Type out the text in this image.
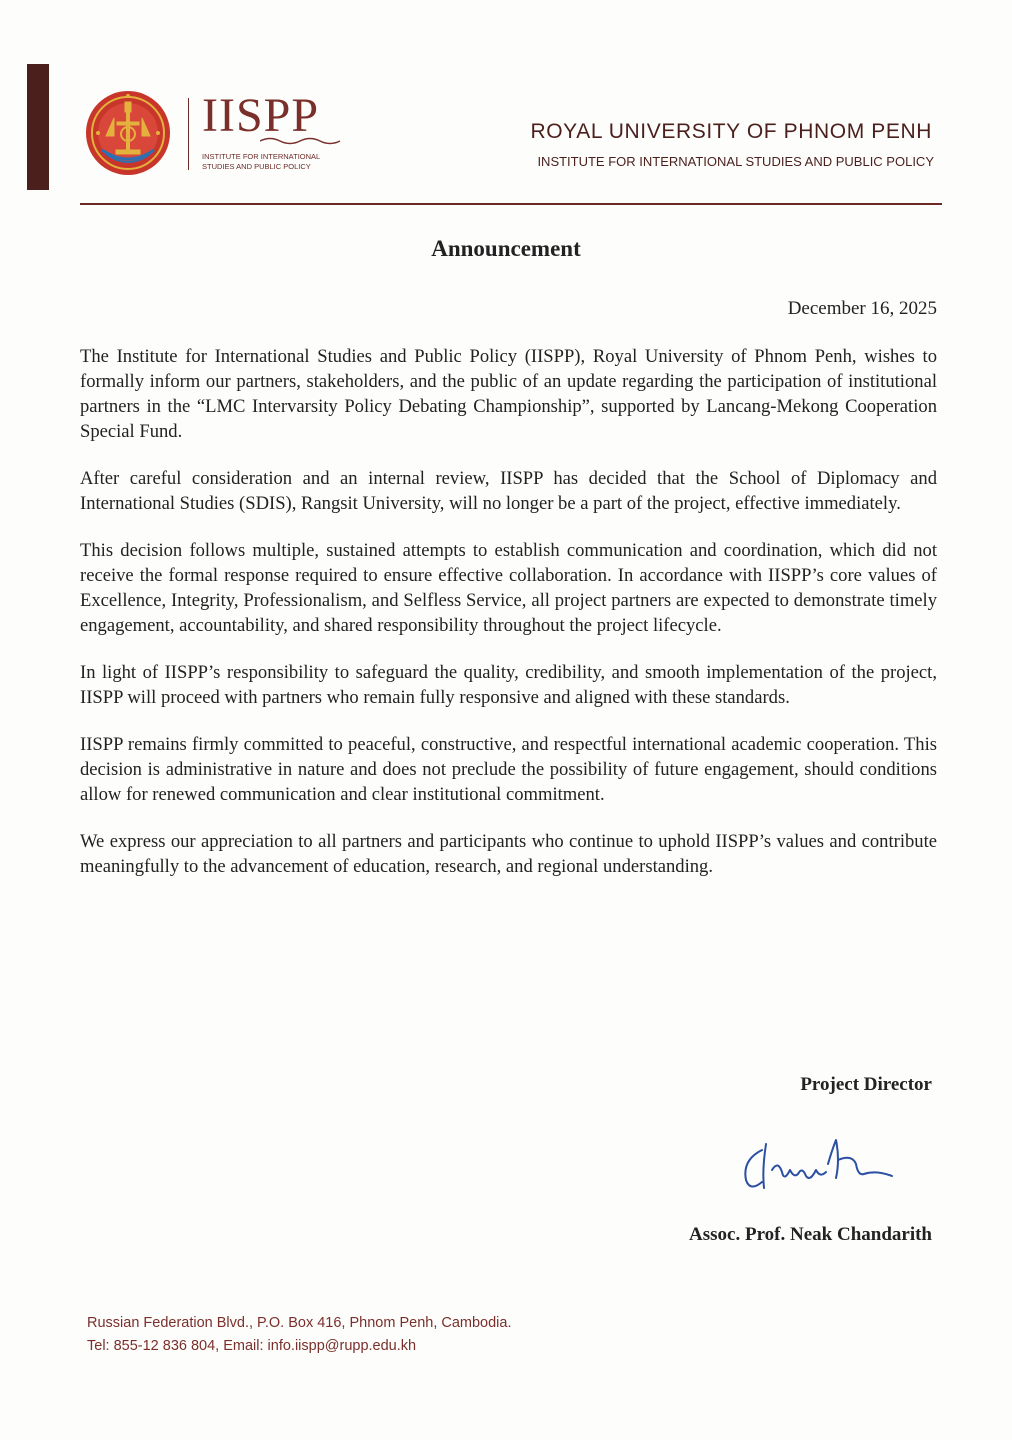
IISPP
INSTITUTE FOR INTERNATIONAL
STUDIES AND PUBLIC POLICY
ROYAL UNIVERSITY OF PHNOM PENH
INSTITUTE FOR INTERNATIONAL STUDIES AND PUBLIC POLICY
Announcement
December 16, 2025

The Institute for International Studies and Public Policy (IISPP), Royal University of Phnom Penh, wishes to formally inform our partners, stakeholders, and the public of an update regarding the participation of institutional partners in the “LMC Intervarsity Policy Debating Championship”, supported by Lancang-Mekong Cooperation Special Fund.

After careful consideration and an internal review, IISPP has decided that the School of Diplomacy and International Studies (SDIS), Rangsit University, will no longer be a part of the project, effective immediately.

This decision follows multiple, sustained attempts to establish communication and coordination, which did not receive the formal response required to ensure effective collaboration. In accordance with IISPP’s core values of Excellence, Integrity, Professionalism, and Selfless Service, all project partners are expected to demonstrate timely engagement, accountability, and shared responsibility throughout the project lifecycle.

In light of IISPP’s responsibility to safeguard the quality, credibility, and smooth implementation of the project, IISPP will proceed with partners who remain fully responsive and aligned with these standards.

IISPP remains firmly committed to peaceful, constructive, and respectful international academic cooperation. This decision is administrative in nature and does not preclude the possibility of future engagement, should conditions allow for renewed communication and clear institutional commitment.

We express our appreciation to all partners and participants who continue to uphold IISPP’s values and contribute meaningfully to the advancement of education, research, and regional understanding.

Project Director
Assoc. Prof. Neak Chandarith
Russian Federation Blvd., P.O. Box 416, Phnom Penh, Cambodia.
Tel: 855-12 836 804, Email: info.iispp@rupp.edu.kh
